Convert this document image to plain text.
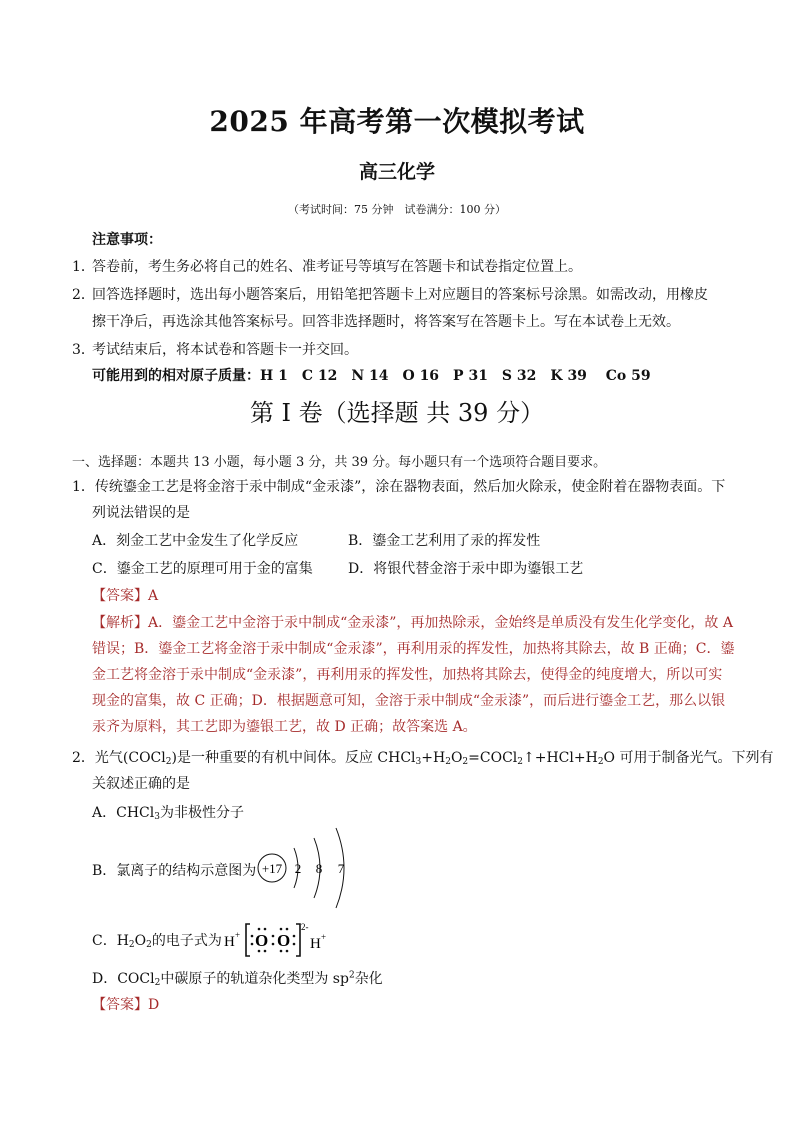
2025 年高考第一次模拟考试
高三化学
（考试时间：75 分钟　试卷满分：100 分）
注意事项：
1．
答卷前，考生务必将自己的姓名、准考证号等填写在答题卡和试卷指定位置上。
2．
回答选择题时，选出每小题答案后，用铅笔把答题卡上对应题目的答案标号涂黑。如需改动，用橡皮
擦干净后，再选涂其他答案标号。回答非选择题时，将答案写在答题卡上。写在本试卷上无效。
3．
考试结束后，将本试卷和答题卡一并交回。
可能用到的相对原子质量：H 1　C 12　N 14　O 16　P 31　S 32　K 39　 Co 59
第 I 卷（选择题 共 39 分）
一、选择题：本题共 13 小题，每小题 3 分，共 39 分。每小题只有一个选项符合题目要求。
1．传统鎏金工艺是将金溶于汞中制成“金汞漆”，涂在器物表面，然后加火除汞，使金附着在器物表面。下
列说法错误的是
A．刻金工艺中金发生了化学反应	B．鎏金工艺利用了汞的挥发性
C．鎏金工艺的原理可用于金的富集	D．将银代替金溶于汞中即为鎏银工艺
【答案】A
【解析】A．鎏金工艺中金溶于汞中制成“金汞漆”，再加热除汞，金始终是单质没有发生化学变化，故 A
错误；B．鎏金工艺将金溶于汞中制成“金汞漆”，再利用汞的挥发性，加热将其除去，故 B 正确；C．鎏
金工艺将金溶于汞中制成“金汞漆”，再利用汞的挥发性，加热将其除去，使得金的纯度增大，所以可实
现金的富集，故 C 正确；D．根据题意可知，金溶于汞中制成“金汞漆”，而后进行鎏金工艺，那么以银
汞齐为原料，其工艺即为鎏银工艺，故 D 正确；故答案选 A。
2．光气(COCl$_2$)是一种重要的有机中间体。反应 $CHCl_3+H_2O_2=COCl_2↑+HCl+H_2O$ 可用于制备光气。下列有
关叙述正确的是
A．CHCl$_3$为非极性分子
B．氯离子的结构示意图为 +17 2 8 7
C．$H_2O_2$的电子式为 H + O O
2-
H +
D．COCl$_2$中碳原子的轨道杂化类型为 $sp^2$杂化
【答案】D
